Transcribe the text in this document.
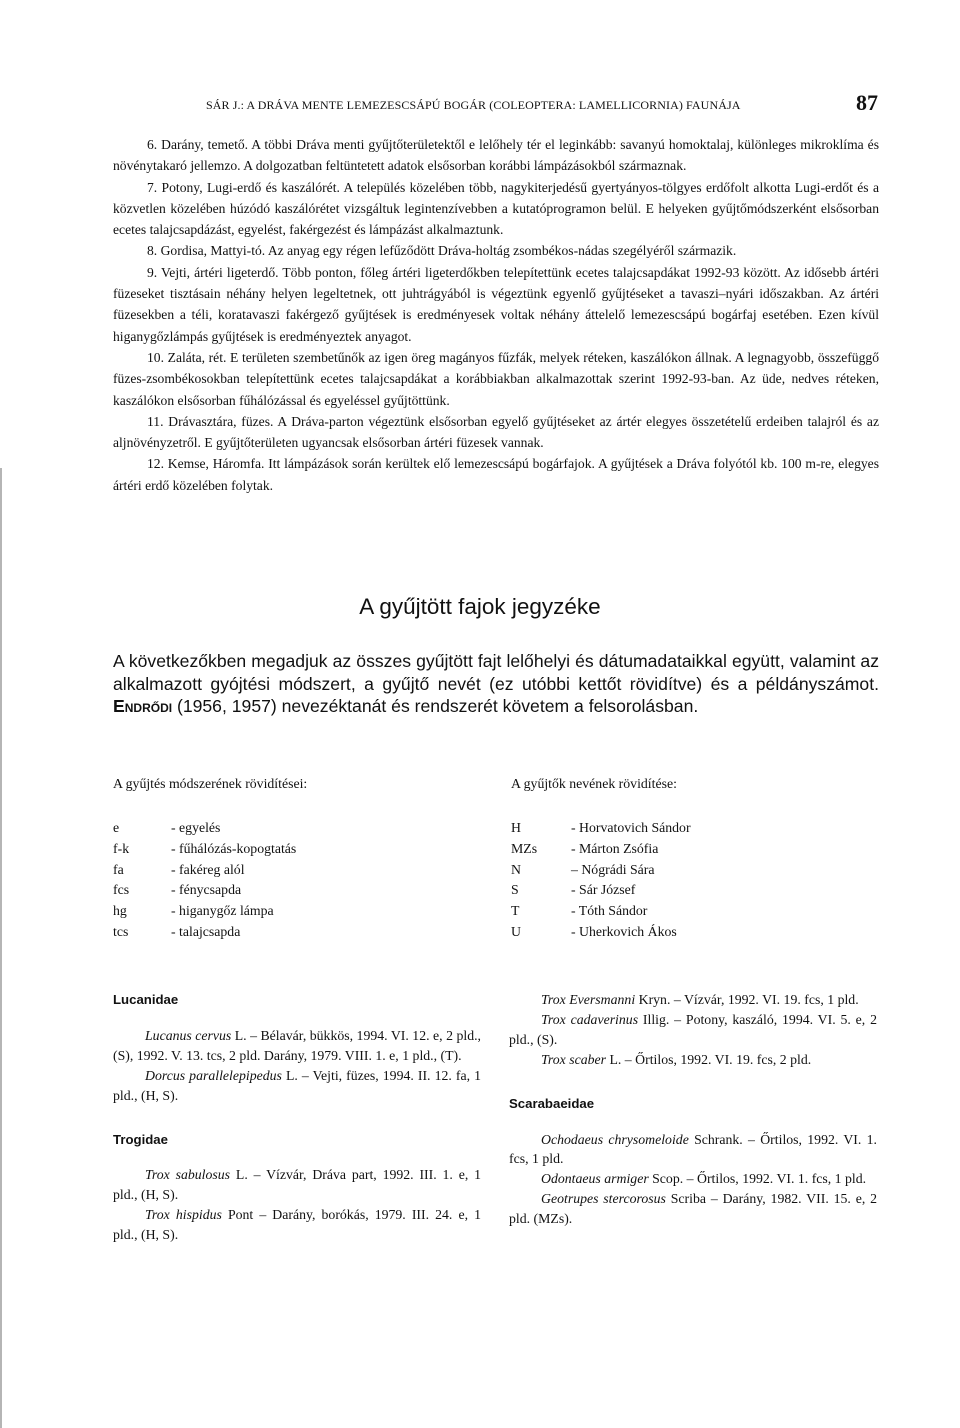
SÁR J.: A DRÁVA MENTE LEMEZESCSÁPÚ BOGÁR (COLEOPTERA: LAMELLICORNIA) FAUNÁJA	87

6. Darány, temető. A többi Dráva menti gyűjtőterületektől e lelőhely tér el leginkább: savanyú homoktalaj, különleges mikroklíma és növénytakaró jellemzo. A dolgozatban feltüntetett adatok elsősorban korábbi lámpázásokból származnak.

7. Potony, Lugi-erdő és kaszálórét. A település közelében több, nagykiterjedésű gyertyányos-tölgyes erdőfolt alkotta Lugi-erdőt és a közvetlen közelében húzódó kaszálórétet vizsgáltuk legintenzívebben a kutatóprogramon belül. E helyeken gyűjtőmódszerként elsősorban ecetes talajcsapdázást, egyelést, fakérgezést és lámpázást alkalmaztunk.

8. Gordisa, Mattyi-tó. Az anyag egy régen lefűződött Dráva-holtág zsombékos-nádas szegélyéről származik.

9. Vejti, ártéri ligeterdő. Több ponton, főleg ártéri ligeterdőkben telepítettünk ecetes talajcsapdákat 1992-93 között. Az idősebb ártéri füzeseket tisztásain néhány helyen legeltetnek, ott juhtrágyából is végeztünk egyenlő gyűjtéseket a tavaszi–nyári időszakban. Az ártéri füzesekben a téli, koratavaszi fakérgező gyűjtések is eredményesek voltak néhány áttelelő lemezescsápú bogárfaj esetében. Ezen kívül higanygőzlámpás gyűjtések is eredményeztek anyagot.

10. Zaláta, rét. E területen szembetűnők az igen öreg magányos fűzfák, melyek réteken, kaszálókon állnak. A legnagyobb, összefüggő füzes-zsombékosokban telepítettünk ecetes talajcsapdákat a korábbiakban alkalmazottak szerint 1992-93-ban. Az üde, nedves réteken, kaszálókon elsősorban fűhálózással és egyeléssel gyűjtöttünk.

11. Drávasztára, füzes. A Dráva-parton végeztünk elsősorban egyelő gyűjtéseket az ártér elegyes összetételű erdeiben talajról és az aljnövényzetről. E gyűjtőterületen ugyancsak elsősorban ártéri füzesek vannak.

12. Kemse, Háromfa. Itt lámpázások során kerültek elő lemezescsápú bogárfajok. A gyűjtések a Dráva folyótól kb. 100 m-re, elegyes ártéri erdő közelében folytak.

A gyűjtött fajok jegyzéke
A következőkben megadjuk az összes gyűjtött fajt lelőhelyi és dátumadataikkal együtt, valamint az alkalmazott gyójtési módszert, a gyűjtő nevét (ez utóbbi kettőt rövidítve) és a példányszámot. Endrődi (1956, 1957) nevezéktanát és rendszerét követem a felsorolásban.
A gyűjtés módszerének rövidítései:
e	- egyelés
f-k	- fűhálózás-kopogtatás
fa	- fakéreg alól
fcs	- fénycsapda
hg	- higanygőz lámpa
tcs	- talajcsapda
A gyűjtők nevének rövidítése:
H	- Horvatovich Sándor
MZs	- Márton Zsófia
N	– Nógrádi Sára
S	- Sár József
T	- Tóth Sándor
U	- Uherkovich Ákos
Lucanidae

Lucanus cervus L. – Bélavár, bükkös, 1994. VI. 12. e, 2 pld., (S), 1992. V. 13. tcs, 2 pld. Darány, 1979. VIII. 1. e, 1 pld., (T).

Dorcus parallelepipedus L. – Vejti, füzes, 1994. II. 12. fa, 1 pld., (H, S).

Trogidae

Trox sabulosus L. – Vízvár, Dráva part, 1992. III. 1. e, 1 pld., (H, S).

Trox hispidus Pont – Darány, borókás, 1979. III. 24. e, 1 pld., (H, S).

Trox Eversmanni Kryn. – Vízvár, 1992. VI. 19. fcs, 1 pld.

Trox cadaverinus Illig. – Potony, kaszáló, 1994. VI. 5. e, 2 pld., (S).

Trox scaber L. – Őrtilos, 1992. VI. 19. fcs, 2 pld.

Scarabaeidae

Ochodaeus chrysomeloide Schrank. – Őrtilos, 1992. VI. 1. fcs, 1 pld.

Odontaeus armiger Scop. – Őrtilos, 1992. VI. 1. fcs, 1 pld.

Geotrupes stercorosus Scriba – Darány, 1982. VII. 15. e, 2 pld. (MZs).
